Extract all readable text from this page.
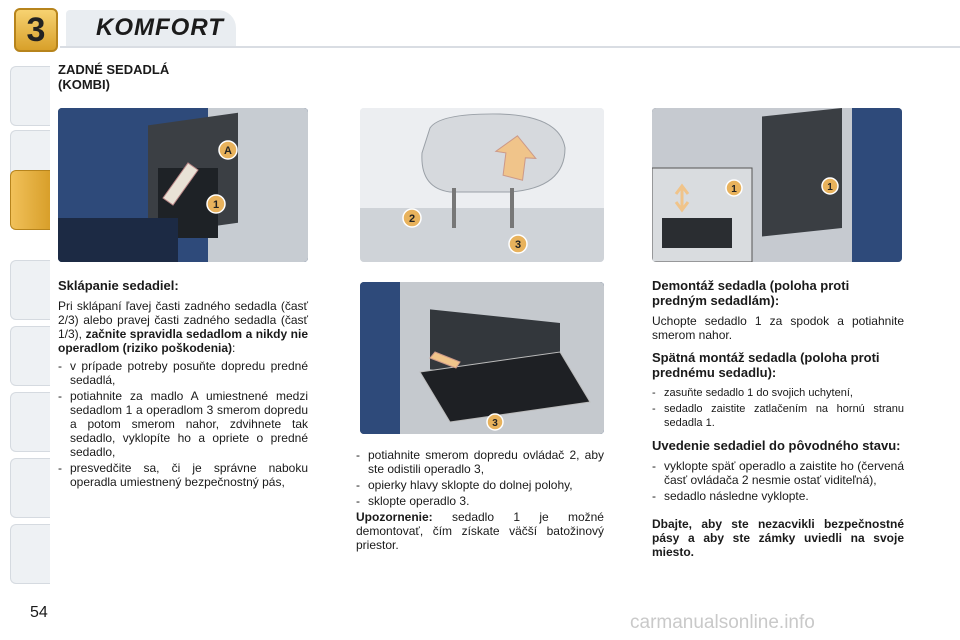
3	KOMFORT
ZADNÉ SEDADLÁ
(KOMBI)
A
1
2
3
1	1
3
Sklápanie sedadiel:
Pri sklápaní ľavej časti zadného sedadla (časť 2/3) alebo pravej časti zadného sedadla (časť 1/3), začnite spravidla sedadlom a nikdy nie operadlom (riziko poškodenia):
- v prípade potreby posuňte dopredu predné sedadlá,
- potiahnite za madlo A umiestnené medzi sedadlom 1 a operadlom 3 smerom dopredu a potom smerom nahor, zdvihnete tak sedadlo, vyklopíte ho a opriete o predné sedadlo,
- presvedčite sa, či je správne naboku operadla umiestnený bezpečnostný pás,
- potiahnite smerom dopredu ovládač 2, aby ste odistili operadlo 3,
- opierky hlavy sklopte do dolnej polohy,
- sklopte operadlo 3.
Upozornenie: sedadlo 1 je možné demontovať, čím získate väčší batožinový priestor.
Demontáž sedadla (poloha proti predným sedadlám):
Uchopte sedadlo 1 za spodok a potiahnite smerom nahor.
Spätná montáž sedadla (poloha proti prednému sedadlu):
- zasuňte sedadlo 1 do svojich uchytení,
- sedadlo zaistite zatlačením na hornú stranu sedadla 1.
Uvedenie sedadiel do pôvodného stavu:
- vyklopte späť operadlo a zaistite ho (červená časť ovládača 2 nesmie ostať viditeľná),
- sedadlo následne vyklopte.
Dbajte, aby ste nezacvikli bezpečnostné pásy a aby ste zámky uviedli na svoje miesto.
54	carmanualsonline.info
